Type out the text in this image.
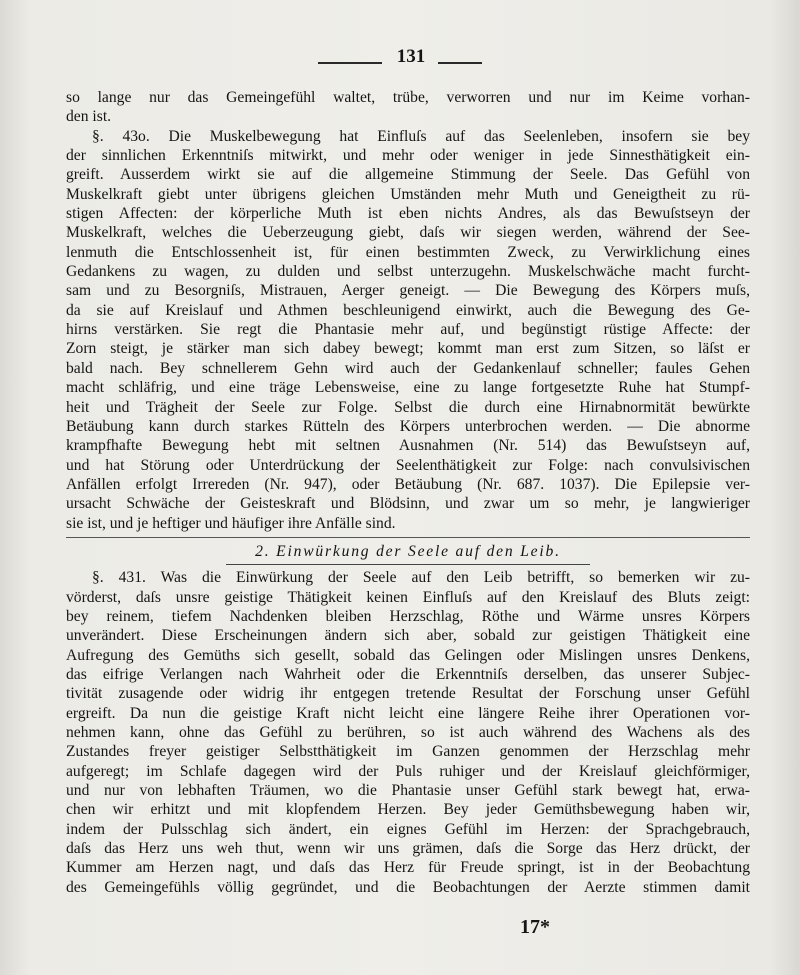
131
so lange nur das Gemeingefühl waltet, trübe, verworren und nur im Keime vorhan-
den ist.
§. 43o. Die Muskelbewegung hat Einfluſs auf das Seelenleben, insofern sie bey
der sinnlichen Erkenntniſs mitwirkt, und mehr oder weniger in jede Sinnesthätigkeit ein-
greift. Ausserdem wirkt sie auf die allgemeine Stimmung der Seele. Das Gefühl von
Muskelkraft giebt unter übrigens gleichen Umständen mehr Muth und Geneigtheit zu rü-
stigen Affecten: der körperliche Muth ist eben nichts Andres, als das Bewuſstseyn der
Muskelkraft, welches die Ueberzeugung giebt, daſs wir siegen werden, während der See-
lenmuth die Entschlossenheit ist, für einen bestimmten Zweck, zu Verwirklichung eines
Gedankens zu wagen, zu dulden und selbst unterzugehn. Muskelschwäche macht furcht-
sam und zu Besorgniſs, Mistrauen, Aerger geneigt. — Die Bewegung des Körpers muſs,
da sie auf Kreislauf und Athmen beschleunigend einwirkt, auch die Bewegung des Ge-
hirns verstärken. Sie regt die Phantasie mehr auf, und begünstigt rüstige Affecte: der
Zorn steigt, je stärker man sich dabey bewegt; kommt man erst zum Sitzen, so läſst er
bald nach. Bey schnellerem Gehn wird auch der Gedankenlauf schneller; faules Gehen
macht schläfrig, und eine träge Lebensweise, eine zu lange fortgesetzte Ruhe hat Stumpf-
heit und Trägheit der Seele zur Folge. Selbst die durch eine Hirnabnormität bewürkte
Betäubung kann durch starkes Rütteln des Körpers unterbrochen werden. — Die abnorme
krampfhafte Bewegung hebt mit seltnen Ausnahmen (Nr. 514) das Bewuſstseyn auf,
und hat Störung oder Unterdrückung der Seelenthätigkeit zur Folge: nach convulsivischen
Anfällen erfolgt Irrereden (Nr. 947), oder Betäubung (Nr. 687. 1037). Die Epilepsie ver-
ursacht Schwäche der Geisteskraft und Blödsinn, und zwar um so mehr, je langwieriger
sie ist, und je heftiger und häufiger ihre Anfälle sind.
2. Einwürkung der Seele auf den Leib.
§. 431. Was die Einwürkung der Seele auf den Leib betrifft, so bemerken wir zu-
vörderst, daſs unsre geistige Thätigkeit keinen Einfluſs auf den Kreislauf des Bluts zeigt:
bey reinem, tiefem Nachdenken bleiben Herzschlag, Röthe und Wärme unsres Körpers
unverändert. Diese Erscheinungen ändern sich aber, sobald zur geistigen Thätigkeit eine
Aufregung des Gemüths sich gesellt, sobald das Gelingen oder Mislingen unsres Denkens,
das eifrige Verlangen nach Wahrheit oder die Erkenntniſs derselben, das unserer Subjec-
tivität zusagende oder widrig ihr entgegen tretende Resultat der Forschung unser Gefühl
ergreift. Da nun die geistige Kraft nicht leicht eine längere Reihe ihrer Operationen vor-
nehmen kann, ohne das Gefühl zu berühren, so ist auch während des Wachens als des
Zustandes freyer geistiger Selbstthätigkeit im Ganzen genommen der Herzschlag mehr
aufgeregt; im Schlafe dagegen wird der Puls ruhiger und der Kreislauf gleichförmiger,
und nur von lebhaften Träumen, wo die Phantasie unser Gefühl stark bewegt hat, erwa-
chen wir erhitzt und mit klopfendem Herzen. Bey jeder Gemüthsbewegung haben wir,
indem der Pulsschlag sich ändert, ein eignes Gefühl im Herzen: der Sprachgebrauch,
daſs das Herz uns weh thut, wenn wir uns grämen, daſs die Sorge das Herz drückt, der
Kummer am Herzen nagt, und daſs das Herz für Freude springt, ist in der Beobachtung
des Gemeingefühls völlig gegründet, und die Beobachtungen der Aerzte stimmen damit
17*
